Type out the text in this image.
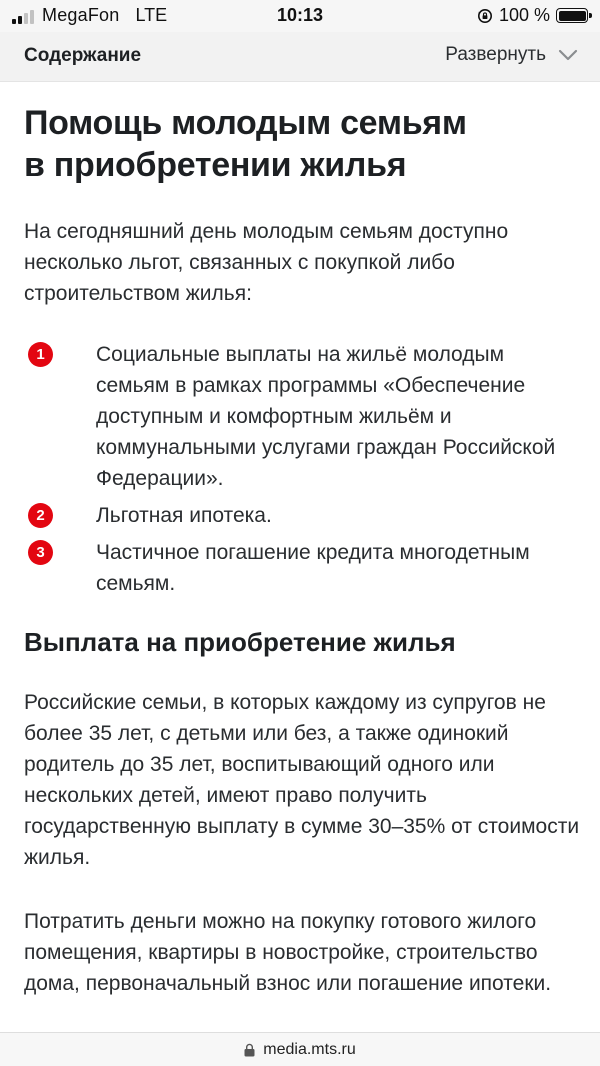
MegaFon LTE	10:13	100 %
Содержание	Развернуть
Помощь молодым семьям
в приобретении жилья

На сегодняшний день молодым семьям доступно несколько льгот, связанных с покупкой либо строительством жилья:

1	Социальные выплаты на жильё молодым семьям в рамках программы «Обеспечение доступным и комфортным жильём и коммунальными услугами граждан Российской Федерации».
2	Льготная ипотека.
3	Частичное погашение кредита многодетным семьям.
Выплата на приобретение жилья

Российские семьи, в которых каждому из супругов не более 35 лет, с детьми или без, а также одинокий родитель до 35 лет, воспитывающий одного или нескольких детей, имеют право получить государственную выплату в сумме 30–35% от стоимости жилья.

Потратить деньги можно на покупку готового жилого помещения, квартиры в новостройке, строительство дома, первоначальный взнос или погашение ипотеки.

media.mts.ru
